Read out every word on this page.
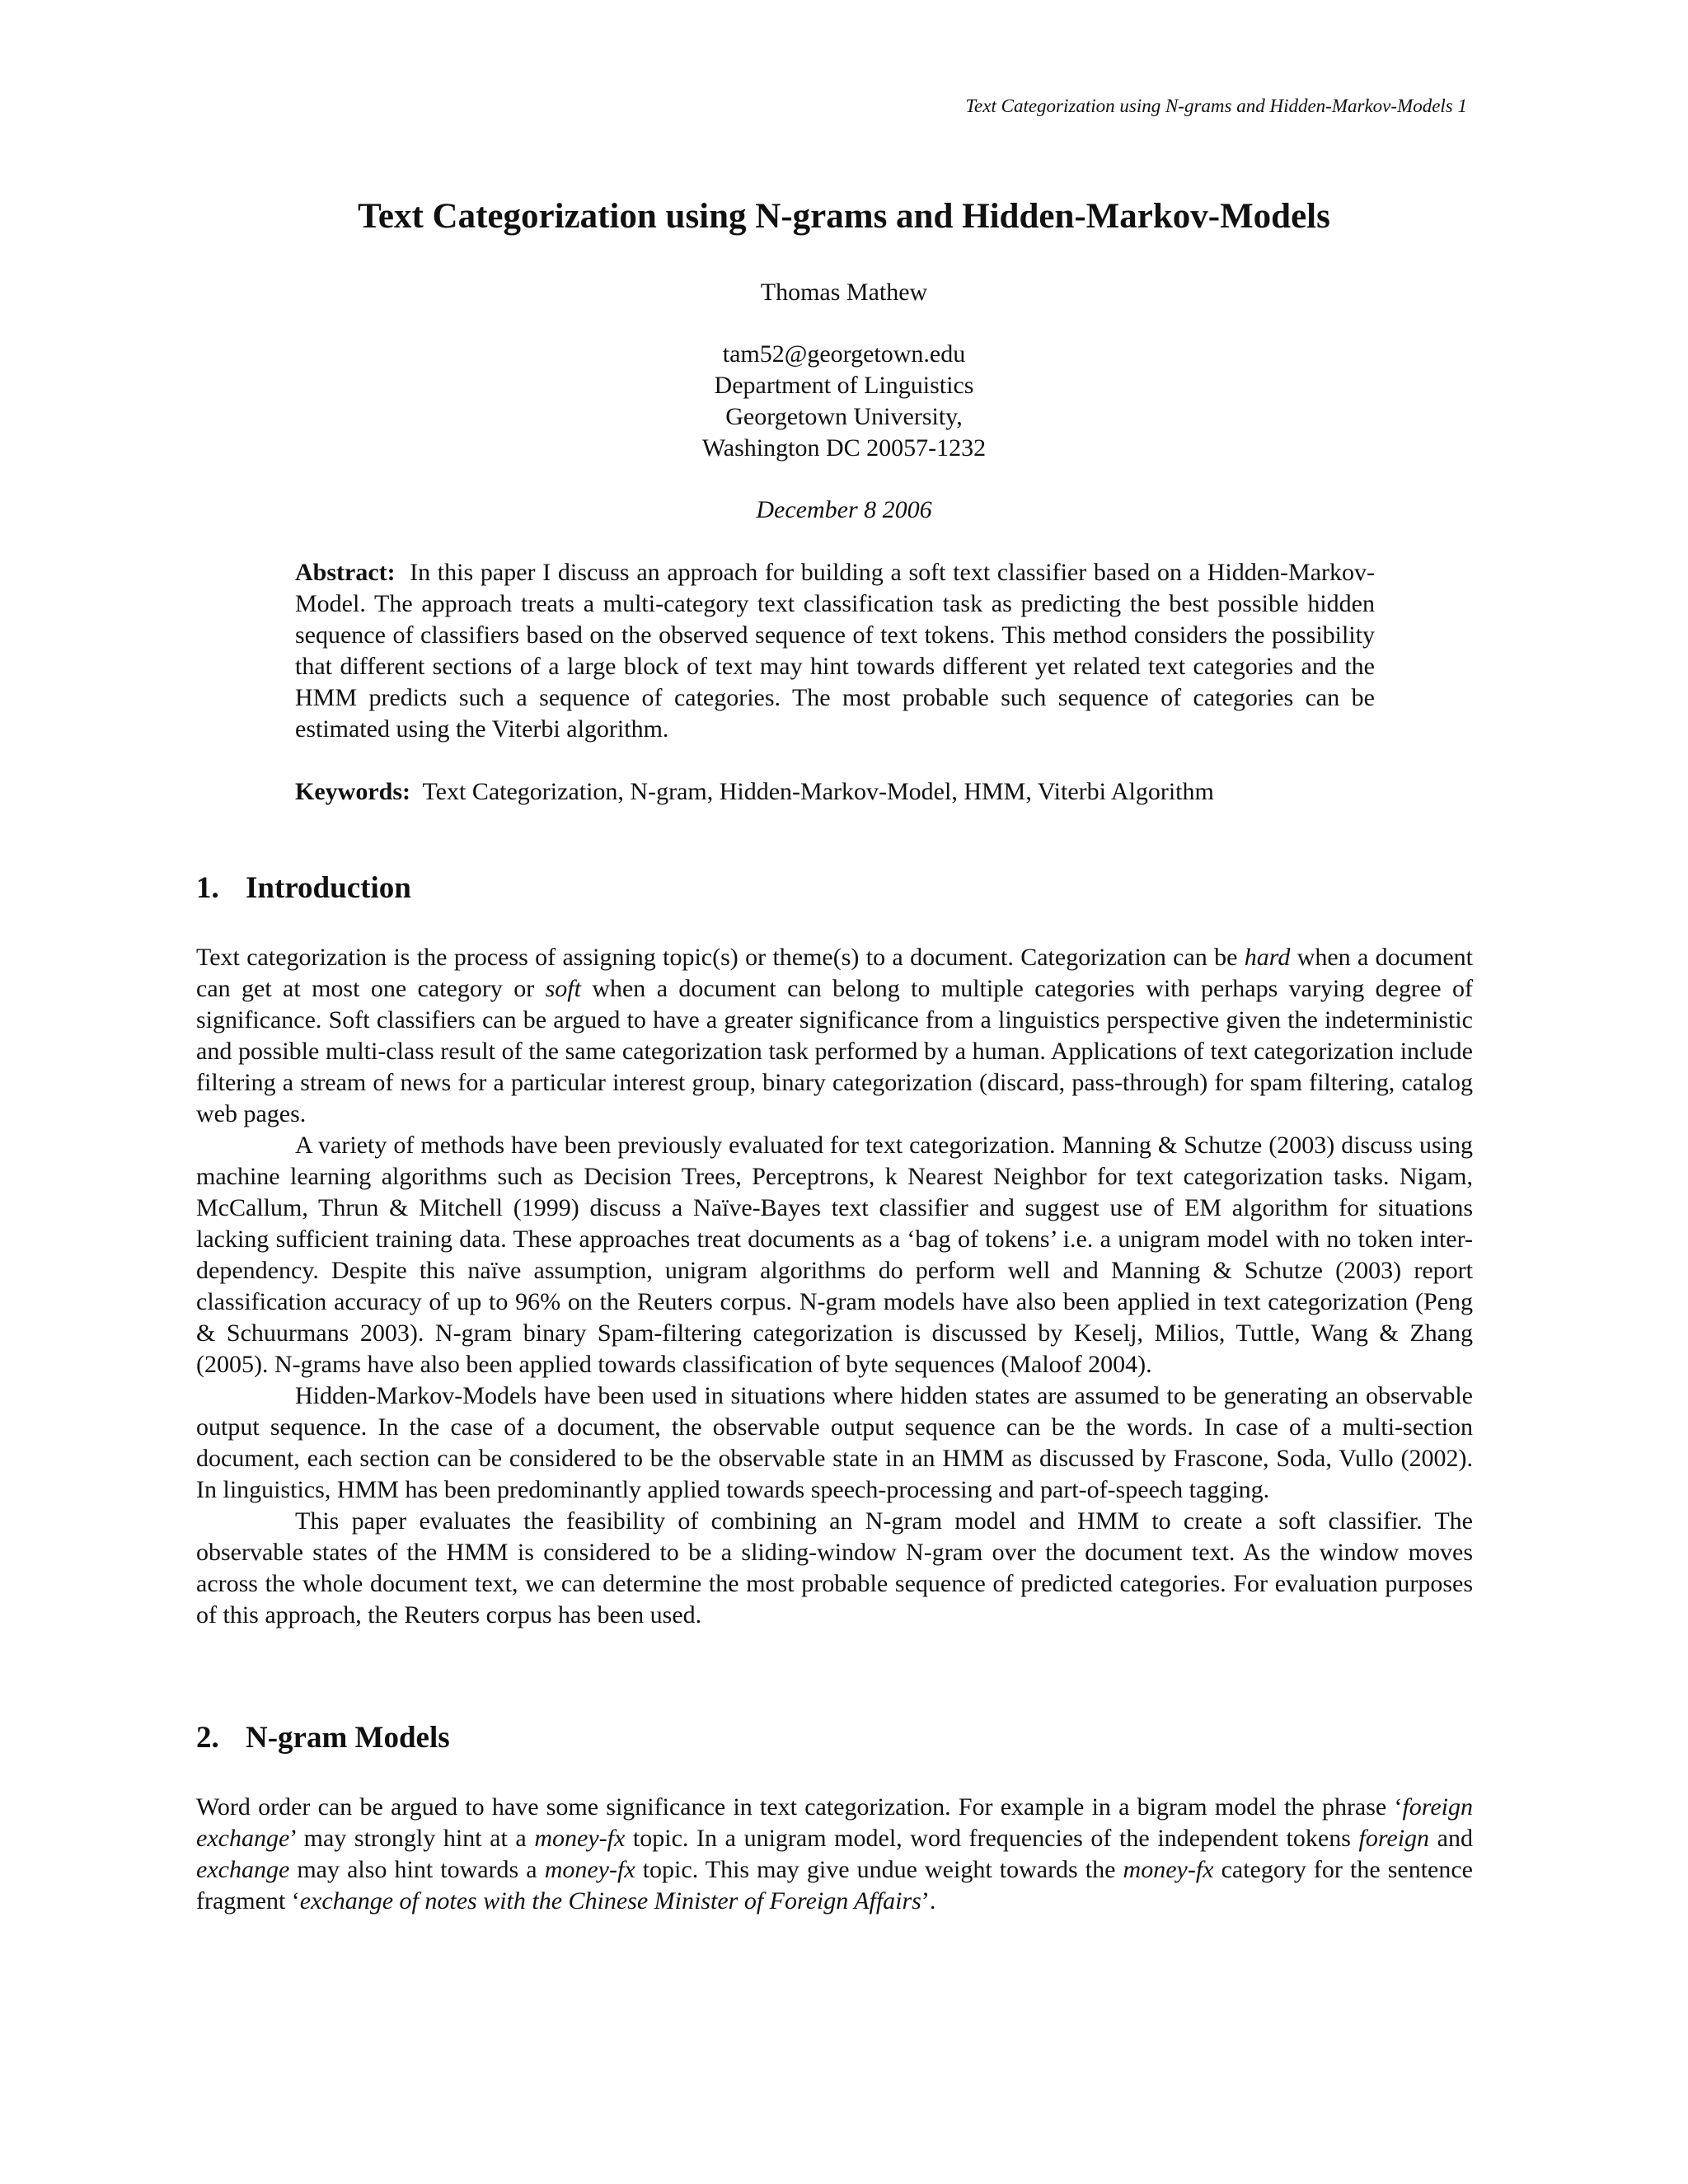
Text Categorization using N-grams and Hidden-Markov-Models 1
Text Categorization using N-grams and Hidden-Markov-Models
Thomas Mathew
tam52@georgetown.edu
Department of Linguistics
Georgetown University,
Washington DC 20057-1232
December 8 2006
Abstract: In this paper I discuss an approach for building a soft text classifier based on a Hidden-Markov-Model. The approach treats a multi-category text classification task as predicting the best possible hidden sequence of classifiers based on the observed sequence of text tokens. This method considers the possibility that different sections of a large block of text may hint towards different yet related text categories and the HMM predicts such a sequence of categories. The most probable such sequence of categories can be estimated using the Viterbi algorithm.
Keywords: Text Categorization, N-gram, Hidden-Markov-Model, HMM, Viterbi Algorithm
1. Introduction

Text categorization is the process of assigning topic(s) or theme(s) to a document. Categorization can be hard when a document can get at most one category or soft when a document can belong to multiple categories with perhaps varying degree of significance. Soft classifiers can be argued to have a greater significance from a linguistics perspective given the indeterministic and possible multi-class result of the same categorization task performed by a human. Applications of text categorization include filtering a stream of news for a particular interest group, binary categorization (discard, pass-through) for spam filtering, catalog web pages.

A variety of methods have been previously evaluated for text categorization. Manning & Schutze (2003) discuss using machine learning algorithms such as Decision Trees, Perceptrons, k Nearest Neighbor for text categorization tasks. Nigam, McCallum, Thrun & Mitchell (1999) discuss a Naïve-Bayes text classifier and suggest use of EM algorithm for situations lacking sufficient training data. These approaches treat documents as a ‘bag of tokens’ i.e. a unigram model with no token inter-dependency. Despite this naïve assumption, unigram algorithms do perform well and Manning & Schutze (2003) report classification accuracy of up to 96% on the Reuters corpus. N-gram models have also been applied in text categorization (Peng & Schuurmans 2003). N-gram binary Spam-filtering categorization is discussed by Keselj, Milios, Tuttle, Wang & Zhang (2005). N-grams have also been applied towards classification of byte sequences (Maloof 2004).

Hidden-Markov-Models have been used in situations where hidden states are assumed to be generating an observable output sequence. In the case of a document, the observable output sequence can be the words. In case of a multi-section document, each section can be considered to be the observable state in an HMM as discussed by Frascone, Soda, Vullo (2002). In linguistics, HMM has been predominantly applied towards speech-processing and part-of-speech tagging.

This paper evaluates the feasibility of combining an N-gram model and HMM to create a soft classifier. The observable states of the HMM is considered to be a sliding-window N-gram over the document text. As the window moves across the whole document text, we can determine the most probable sequence of predicted categories. For evaluation purposes of this approach, the Reuters corpus has been used.

2. N-gram Models

Word order can be argued to have some significance in text categorization. For example in a bigram model the phrase ‘foreign exchange’ may strongly hint at a money-fx topic. In a unigram model, word frequencies of the independent tokens foreign and exchange may also hint towards a money-fx topic. This may give undue weight towards the money-fx category for the sentence fragment ‘exchange of notes with the Chinese Minister of Foreign Affairs’.
